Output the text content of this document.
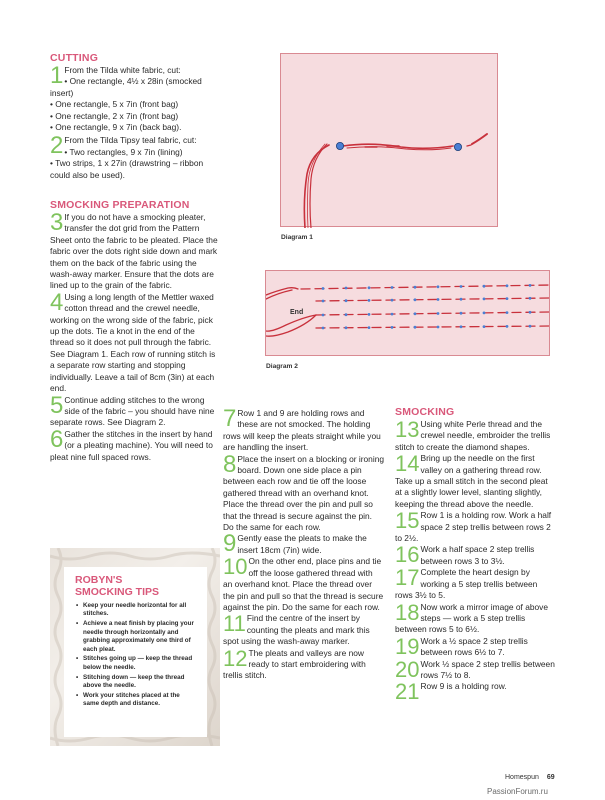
CUTTING
1 From the Tilda white fabric, cut:
• One rectangle, 4½ x 28in (smocked insert)
• One rectangle, 5 x 7in (front bag)
• One rectangle, 2 x 7in (front bag)
• One rectangle, 9 x 7in (back bag).
2 From the Tilda Tipsy teal fabric, cut:
• Two rectangles, 9 x 7in (lining)
• Two strips, 1 x 27in (drawstring – ribbon could also be used).
SMOCKING PREPARATION
3 If you do not have a smocking pleater, transfer the dot grid from the Pattern Sheet onto the fabric to be pleated. Place the fabric over the dots right side down and mark them on the back of the fabric using the wash-away marker. Ensure that the dots are lined up to the grain of the fabric.
4 Using a long length of the Mettler waxed cotton thread and the crewel needle, working on the wrong side of the fabric, pick up the dots. Tie a knot in the end of the thread so it does not pull through the fabric. See Diagram 1. Each row of running stitch is a separate row starting and stopping individually. Leave a tail of 8cm (3in) at each end.
5 Continue adding stitches to the wrong side of the fabric – you should have nine separate rows. See Diagram 2.
6 Gather the stitches in the insert by hand (or a pleating machine). You will need to pleat nine full spaced rows.
ROBYN'S
SMOCKING TIPS
• Keep your needle horizontal for all stitches.
• Achieve a neat finish by placing your needle through horizontally and grabbing approximately one third of each pleat.
• Stitches going up — keep the thread below the needle.
• Stitching down — keep the thread above the needle.
• Work your stitches placed at the same depth and distance.
Diagram 1
End
Diagram 2
7 Row 1 and 9 are holding rows and these are not smocked. The holding rows will keep the pleats straight while you are handling the insert.
8 Place the insert on a blocking or ironing board. Down one side place a pin between each row and tie off the loose gathered thread with an overhand knot. Place the thread over the pin and pull so that the thread is secure against the pin. Do the same for each row.
9 Gently ease the pleats to make the insert 18cm (7in) wide.
10 On the other end, place pins and tie off the loose gathered thread with an overhand knot. Place the thread over the pin and pull so that the thread is secure against the pin. Do the same for each row.
11 Find the centre of the insert by counting the pleats and mark this spot using the wash-away marker.
12 The pleats and valleys are now ready to start embroidering with trellis stitch.
SMOCKING
13 Using white Perle thread and the crewel needle, embroider the trellis stitch to create the diamond shapes.
14 Bring up the needle on the first valley on a gathering thread row. Take up a small stitch in the second pleat at a slightly lower level, slanting slightly, keeping the thread above the needle.
15 Row 1 is a holding row. Work a half space 2 step trellis between rows 2 to 2½.
16 Work a half space 2 step trellis between rows 3 to 3½.
17 Complete the heart design by working a 5 step trellis between rows 3½ to 5.
18 Now work a mirror image of above steps — work a 5 step trellis between rows 5 to 6½.
19 Work a ½ space 2 step trellis between rows 6½ to 7.
20 Work ½ space 2 step trellis between rows 7½ to 8.
21 Row 9 is a holding row.
Homespun 69
PassionForum.ru
